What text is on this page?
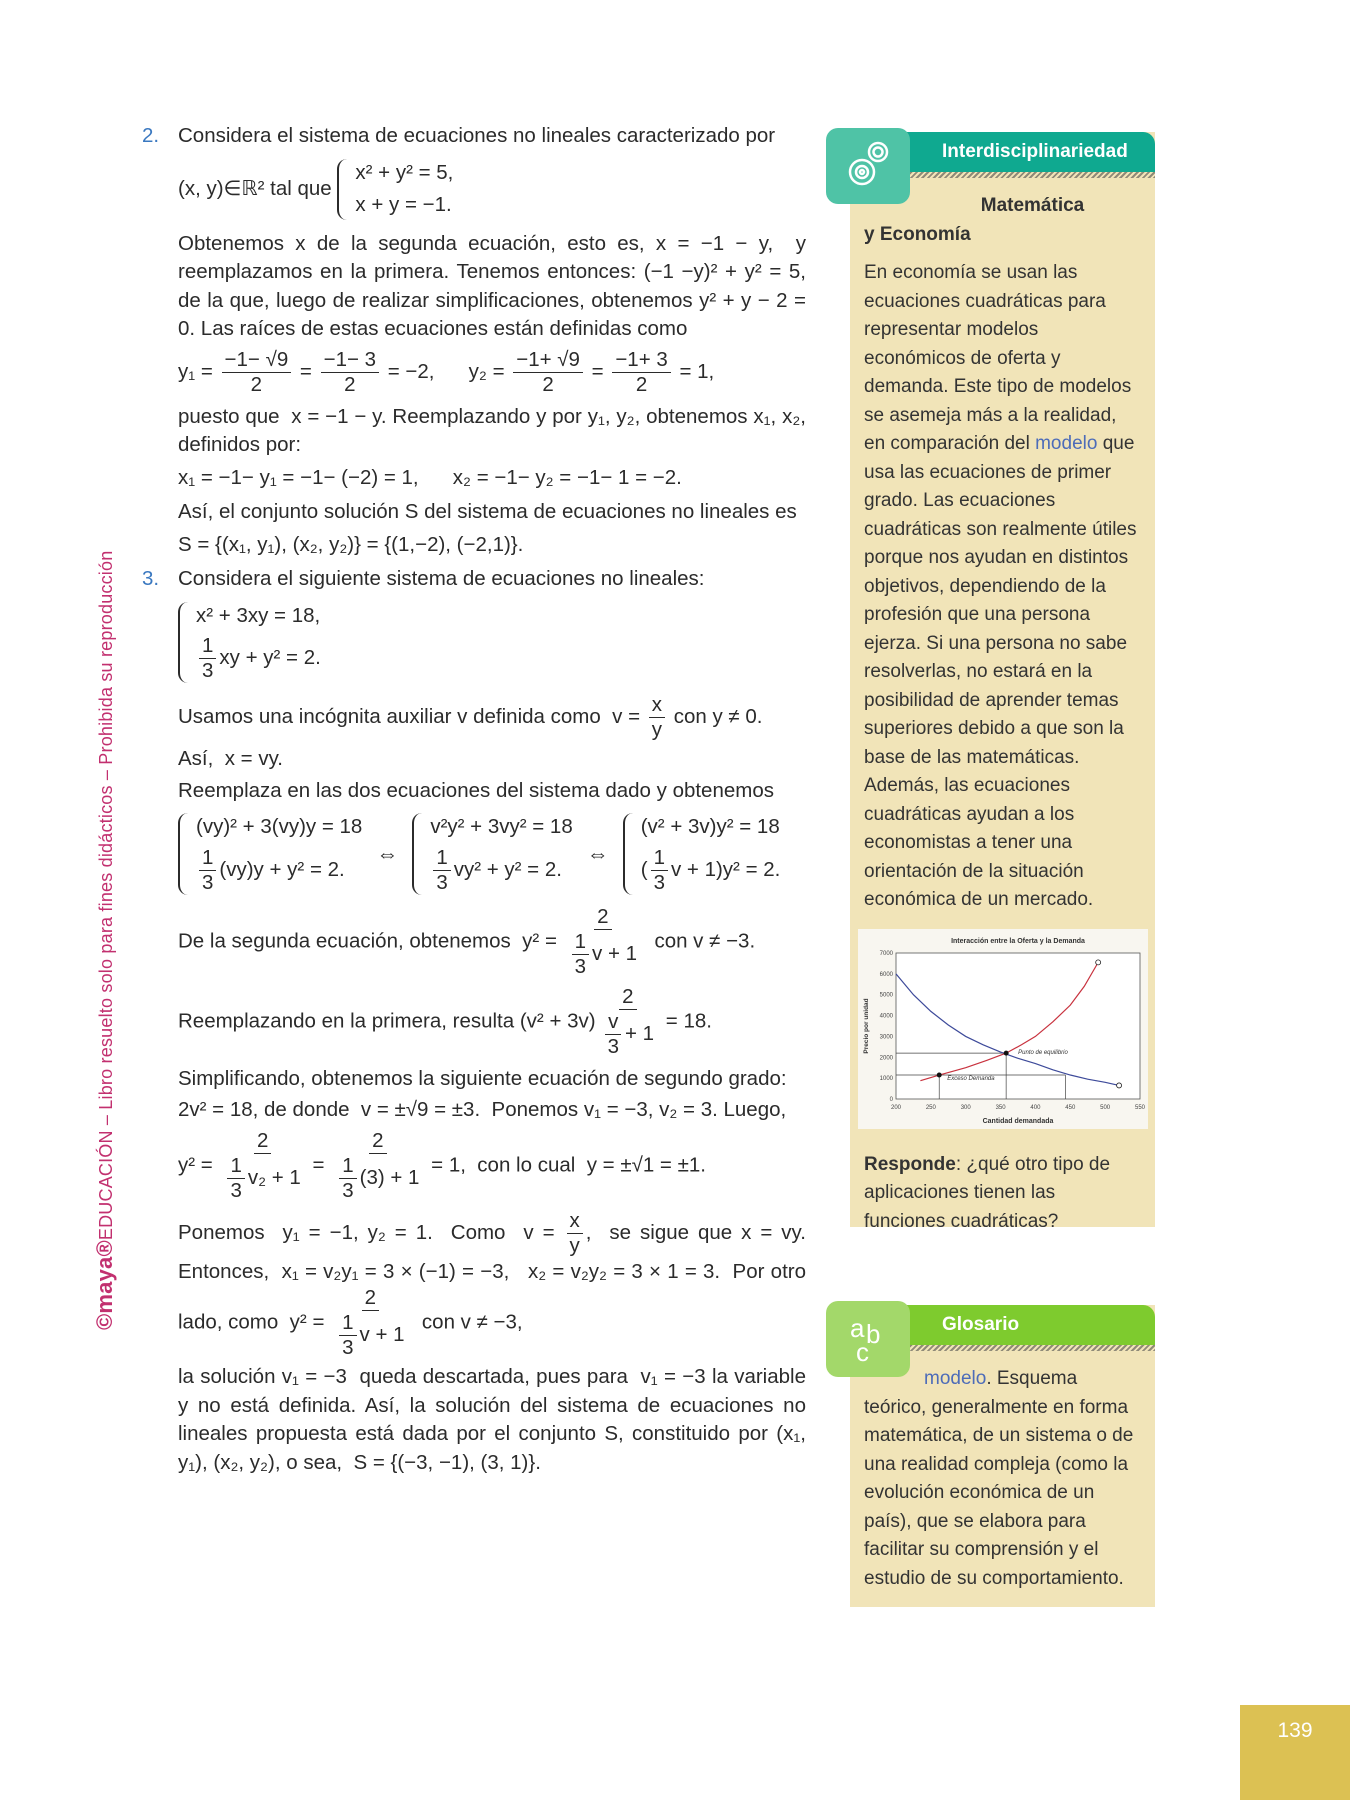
©maya®EDUCACIÓN – Libro resuelto solo para fines didácticos – Prohibida su reproducción
2. Considera el sistema de ecuaciones no lineales caracterizado por
(x, y)∈ℝ² tal que
x² + y² = 5,
x + y = −1.
Obtenemos x de la segunda ecuación, esto es, x = −1 − y,  y reemplazamos en la primera. Tenemos entonces: (−1 −y)² + y² = 5, de la que, luego de realizar simplificaciones, obtenemos y² + y − 2 = 0. Las raíces de estas ecuaciones están definidas como
$y_1 = \frac{-1- √9}{2} = \frac{-1- 3}{2} = -2$,      $y_2 = \frac{-1+ √9}{2} = \frac{-1+ 3}{2} = 1$,
puesto que  x = −1 − y. Reemplazando y por y₁, y₂, obtenemos x₁, x₂, definidos por:
x₁ = −1− y₁ = −1− (−2) = 1,      x₂ = −1− y₂ = −1− 1 = −2.
Así, el conjunto solución S del sistema de ecuaciones no lineales es
S = {(x₁, y₁), (x₂, y₂)} = {(1,−2), (−2,1)}.
3. Considera el siguiente sistema de ecuaciones no lineales:
x² + 3xy = 18,
$\frac{1}{3}$ xy + y² = 2.
Usamos una incógnita auxiliar v definida como  $v = \frac{x}{y}$ con y ≠ 0.
Así,  x = vy.
Reemplaza en las dos ecuaciones del sistema dado y obtenemos
(vy)² + 3(vy)y = 18
$\frac{1}{3} (vy)y + y^2 = 2$.
⇔
v²y² + 3vy² = 18
$\frac{1}{3} vy^2 + y^2 = 2$.
⇔
(v² + 3v)y² = 18
( $\frac{1}{3}$ v + 1)y² = 2.
De la segunda ecuación, obtenemos  $y^2 = \frac{2}{\frac{1}{3} v + 1}$ con v ≠ −3.
Reemplazando en la primera, resulta $(v^2 + 3v) \frac{2}{\frac{v}{3} + 1} = 18$.
Simplificando, obtenemos la siguiente ecuación de segundo grado:
2v² = 18, de donde  v = ±√9 = ±3.  Ponemos v₁ = −3, v₂ = 3. Luego,
$y^2 = \frac{2}{\frac{1}{3} v_2 + 1} = \frac{2}{\frac{1}{3} (3) + 1} = 1$,  con lo cual  y = ±√1 = ±1.
Ponemos  y₁ = −1, y₂ = 1.  Como  $v = \frac{x}{y}$ ,  se sigue que x = vy. Entonces,  x₁ = v₂y₁ = 3 × (−1) = −3,   x₂ = v₂y₂ = 3 × 1 = 3.  Por otro lado, como  $y^2 = \frac{2}{\frac{1}{3} v + 1}$ con v ≠ −3,
la solución v₁ = −3  queda descartada, pues para  v₁ = −3 la variable y no está definida. Así, la solución del sistema de ecuaciones no lineales propuesta está dada por el conjunto S, constituido por (x₁, y₁), (x₂, y₂), o sea,  S = {(−3, −1), (3, 1)}.
Interdisciplinariedad
Matemática
y Economía
En economía se usan las ecuaciones cuadráticas para representar modelos económicos de oferta y demanda. Este tipo de modelos se asemeja más a la realidad, en comparación del modelo que usa las ecuaciones de primer grado. Las ecuaciones cuadráticas son realmente útiles porque nos ayudan en distintos objetivos, dependiendo de la profesión que una persona ejerza. Si una persona no sabe resolverlas, no estará en la posibilidad de aprender temas superiores debido a que son la base de las matemáticas. Además, las ecuaciones cuadráticas ayudan a los economistas a tener una orientación de la situación económica de un mercado.
Interacción entre la Oferta y la Demanda
Cantidad demandada
Precio por unidad
200	250	300	350	400	450	500	550
0
1000
2000
3000
4000
5000
6000
7000
Punto de equilibrio
Exceso Demanda
Responde: ¿qué otro tipo de aplicaciones tienen las funciones cuadráticas?
Glosario
a b
c
modelo. Esquema teórico, generalmente en forma matemática, de un sistema o de una realidad compleja (como la evolución económica de un país), que se elabora para facilitar su comprensión y el estudio de su comportamiento.
139
